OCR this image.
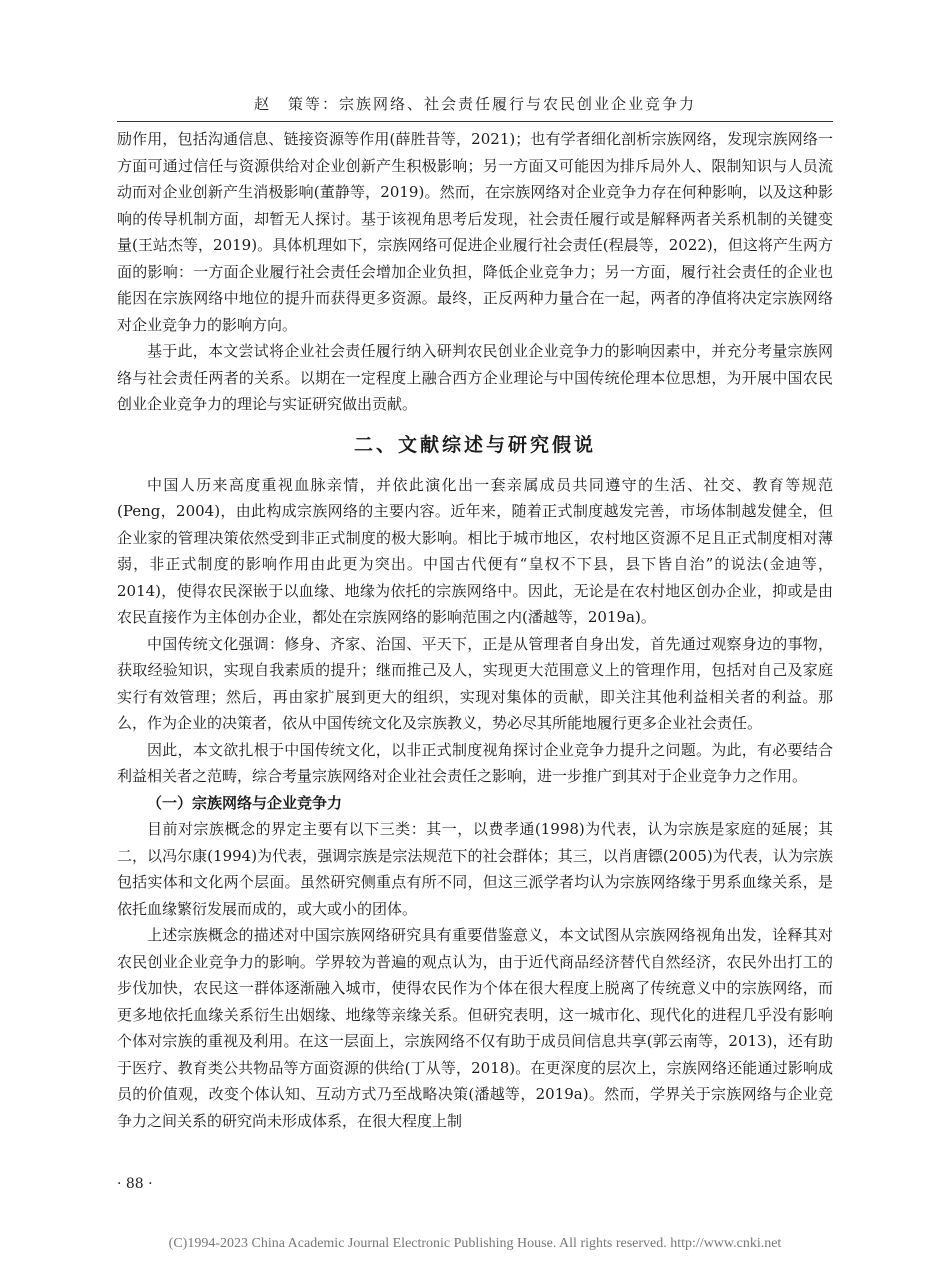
赵　策等：宗族网络、社会责任履行与农民创业企业竞争力

励作用，包括沟通信息、链接资源等作用(薛胜昔等，2021)；也有学者细化剖析宗族网络，发现宗族网络一方面可通过信任与资源供给对企业创新产生积极影响；另一方面又可能因为排斥局外人、限制知识与人员流动而对企业创新产生消极影响(董静等，2019)。然而，在宗族网络对企业竞争力存在何种影响，以及这种影响的传导机制方面，却暂无人探讨。基于该视角思考后发现，社会责任履行或是解释两者关系机制的关键变量(王站杰等，2019)。具体机理如下，宗族网络可促进企业履行社会责任(程晨等，2022)，但这将产生两方面的影响：一方面企业履行社会责任会增加企业负担，降低企业竞争力；另一方面，履行社会责任的企业也能因在宗族网络中地位的提升而获得更多资源。最终，正反两种力量合在一起，两者的净值将决定宗族网络对企业竞争力的影响方向。

基于此，本文尝试将企业社会责任履行纳入研判农民创业企业竞争力的影响因素中，并充分考量宗族网络与社会责任两者的关系。以期在一定程度上融合西方企业理论与中国传统伦理本位思想，为开展中国农民创业企业竞争力的理论与实证研究做出贡献。

二、文献综述与研究假说

中国人历来高度重视血脉亲情，并依此演化出一套亲属成员共同遵守的生活、社交、教育等规范(Peng，2004)，由此构成宗族网络的主要内容。近年来，随着正式制度越发完善，市场体制越发健全，但企业家的管理决策依然受到非正式制度的极大影响。相比于城市地区，农村地区资源不足且正式制度相对薄弱，非正式制度的影响作用由此更为突出。中国古代便有“皇权不下县，县下皆自治”的说法(金迪等，2014)，使得农民深嵌于以血缘、地缘为依托的宗族网络中。因此，无论是在农村地区创办企业，抑或是由农民直接作为主体创办企业，都处在宗族网络的影响范围之内(潘越等，2019a)。

中国传统文化强调：修身、齐家、治国、平天下，正是从管理者自身出发，首先通过观察身边的事物，获取经验知识，实现自我素质的提升；继而推己及人，实现更大范围意义上的管理作用，包括对自己及家庭实行有效管理；然后，再由家扩展到更大的组织，实现对集体的贡献，即关注其他利益相关者的利益。那么，作为企业的决策者，依从中国传统文化及宗族教义，势必尽其所能地履行更多企业社会责任。

因此，本文欲扎根于中国传统文化，以非正式制度视角探讨企业竞争力提升之问题。为此，有必要结合利益相关者之范畴，综合考量宗族网络对企业社会责任之影响，进一步推广到其对于企业竞争力之作用。

（一）宗族网络与企业竞争力

目前对宗族概念的界定主要有以下三类：其一，以费孝通(1998)为代表，认为宗族是家庭的延展；其二，以冯尔康(1994)为代表，强调宗族是宗法规范下的社会群体；其三，以肖唐镖(2005)为代表，认为宗族包括实体和文化两个层面。虽然研究侧重点有所不同，但这三派学者均认为宗族网络缘于男系血缘关系，是依托血缘繁衍发展而成的，或大或小的团体。

上述宗族概念的描述对中国宗族网络研究具有重要借鉴意义，本文试图从宗族网络视角出发，诠释其对农民创业企业竞争力的影响。学界较为普遍的观点认为，由于近代商品经济替代自然经济，农民外出打工的步伐加快，农民这一群体逐渐融入城市，使得农民作为个体在很大程度上脱离了传统意义中的宗族网络，而更多地依托血缘关系衍生出姻缘、地缘等亲缘关系。但研究表明，这一城市化、现代化的进程几乎没有影响个体对宗族的重视及利用。在这一层面上，宗族网络不仅有助于成员间信息共享(郭云南等，2013)，还有助于医疗、教育类公共物品等方面资源的供给(丁从等，2018)。在更深度的层次上，宗族网络还能通过影响成员的价值观，改变个体认知、互动方式乃至战略决策(潘越等，2019a)。然而，学界关于宗族网络与企业竞争力之间关系的研究尚未形成体系，在很大程度上制

· 88 ·
(C)1994-2023 China Academic Journal Electronic Publishing House. All rights reserved. http://www.cnki.net
